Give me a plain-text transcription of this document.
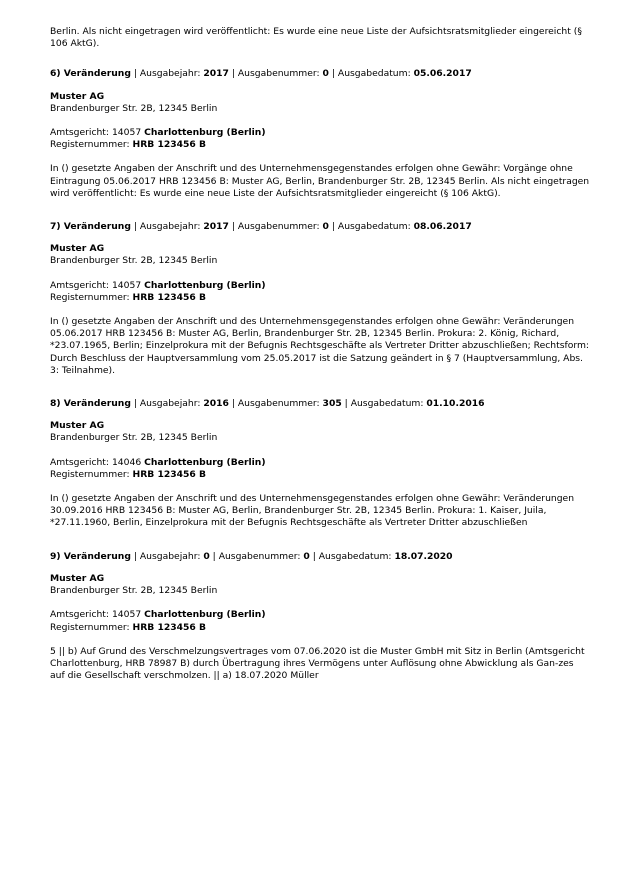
Berlin. Als nicht eingetragen wird veröffentlicht: Es wurde eine neue Liste der Aufsichtsratsmitglieder eingereicht (§ 106 AktG).

6) Veränderung | Ausgabejahr: 2017 | Ausgabenummer: 0 | Ausgabedatum: 05.06.2017

Muster AG

Brandenburger Str. 2B, 12345 Berlin

Amtsgericht: 14057 Charlottenburg (Berlin)

Registernummer: HRB 123456 B

In () gesetzte Angaben der Anschrift und des Unternehmensgegenstandes erfolgen ohne Gewähr: Vorgänge ohne Eintragung 05.06.2017 HRB 123456 B: Muster AG, Berlin, Brandenburger Str. 2B, 12345 Berlin. Als nicht eingetragen wird veröffentlicht: Es wurde eine neue Liste der Aufsichtsratsmitglieder eingereicht (§ 106 AktG).

7) Veränderung | Ausgabejahr: 2017 | Ausgabenummer: 0 | Ausgabedatum: 08.06.2017

Muster AG

Brandenburger Str. 2B, 12345 Berlin

Amtsgericht: 14057 Charlottenburg (Berlin)

Registernummer: HRB 123456 B

In () gesetzte Angaben der Anschrift und des Unternehmensgegenstandes erfolgen ohne Gewähr: Veränderungen 05.06.2017 HRB 123456 B: Muster AG, Berlin, Brandenburger Str. 2B, 12345 Berlin. Prokura: 2. König, Richard, *23.07.1965, Berlin; Einzelprokura mit der Befugnis Rechtsgeschäfte als Vertreter Dritter abzuschließen; Rechtsform: Durch Beschluss der Hauptversammlung vom 25.05.2017 ist die Satzung geändert in § 7 (Hauptversammlung, Abs. 3: Teilnahme).

8) Veränderung | Ausgabejahr: 2016 | Ausgabenummer: 305 | Ausgabedatum: 01.10.2016

Muster AG

Brandenburger Str. 2B, 12345 Berlin

Amtsgericht: 14046 Charlottenburg (Berlin)

Registernummer: HRB 123456 B

In () gesetzte Angaben der Anschrift und des Unternehmensgegenstandes erfolgen ohne Gewähr: Veränderungen 30.09.2016 HRB 123456 B: Muster AG, Berlin, Brandenburger Str. 2B, 12345 Berlin. Prokura: 1. Kaiser, Juila, *27.11.1960, Berlin, Einzelprokura mit der Befugnis Rechtsgeschäfte als Vertreter Dritter abzuschließen

9) Veränderung | Ausgabejahr: 0 | Ausgabenummer: 0 | Ausgabedatum: 18.07.2020

Muster AG

Brandenburger Str. 2B, 12345 Berlin

Amtsgericht: 14057 Charlottenburg (Berlin)

Registernummer: HRB 123456 B

5 || b) Auf Grund des Verschmelzungsvertrages vom 07.06.2020 ist die Muster GmbH mit Sitz in Berlin (Amtsgericht Charlottenburg, HRB 78987 B) durch Übertragung ihres Vermögens unter Auflösung ohne Abwicklung als Gan-zes auf die Gesellschaft verschmolzen. || a) 18.07.2020 Müller
